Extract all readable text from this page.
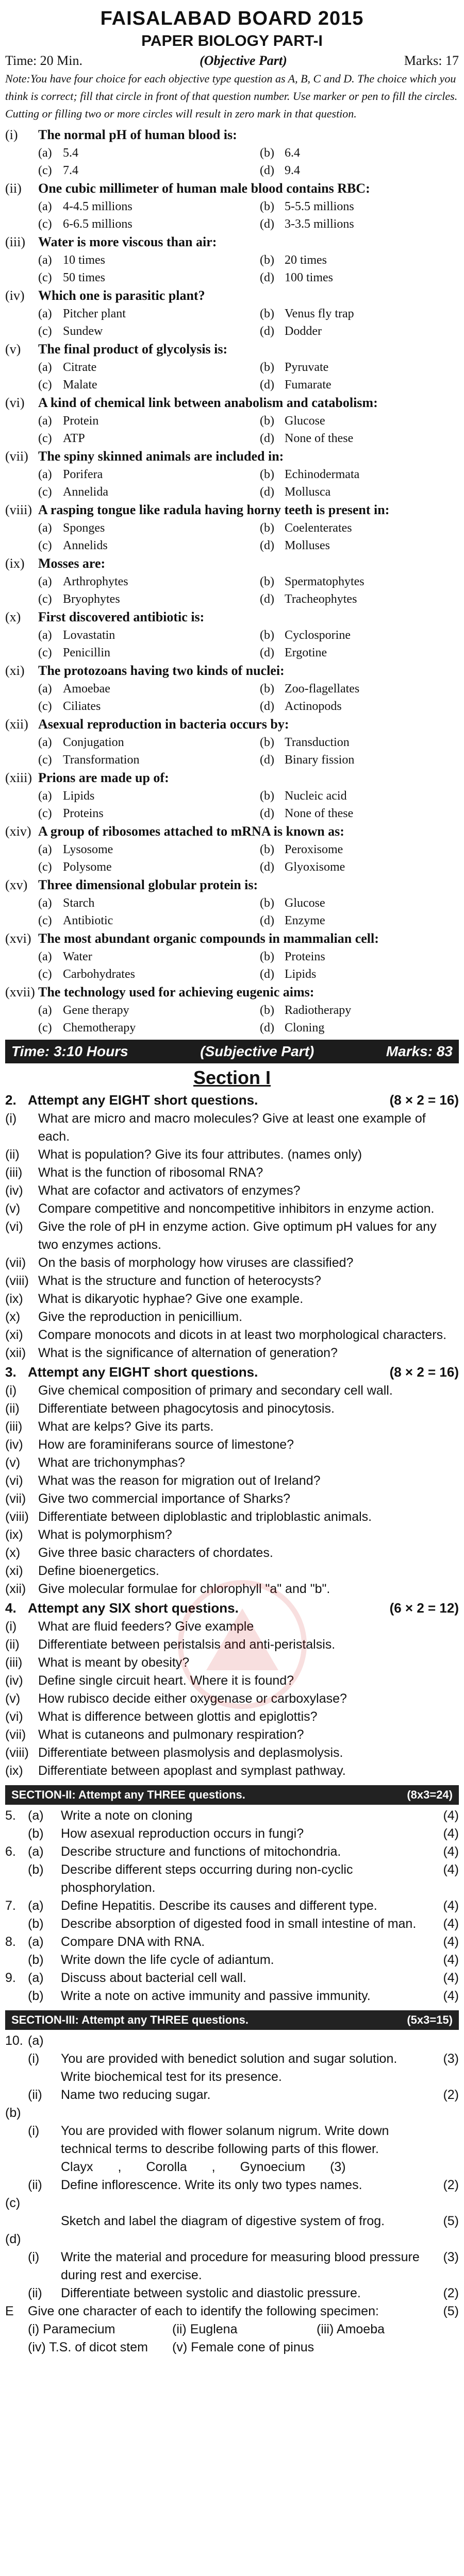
FAISALABAD BOARD 2015
PAPER BIOLOGY PART-I
Time: 20 Min.	(Objective Part)	Marks: 17
Note:You have four choice for each objective type question as A, B, C and D. The choice which you think is correct; fill that circle in front of that question number. Use marker or pen to fill the circles. Cutting or filling two or more circles will result in zero mark in that question.
(i)	The normal pH of human blood is:
(a) 5.4	(b) 6.4
(c) 7.4	(d) 9.4
(ii)	One cubic millimeter of human male blood contains RBC:
(a) 4-4.5 millions	(b) 5-5.5 millions
(c) 6-6.5 millions	(d) 3-3.5 millions
(iii) Water is more viscous than air:
(a) 10 times	(b) 20 times
(c) 50 times	(d) 100 times
(iv)	Which one is parasitic plant?
(a) Pitcher plant	(b) Venus fly trap
(c) Sundew	(d) Dodder
(v)	The final product of glycolysis is:
(a) Citrate	(b) Pyruvate
(c) Malate	(d) Fumarate
(vi)	A kind of chemical link between anabolism and catabolism:
(a) Protein	(b) Glucose
(c) ATP	(d) None of these
(vii) The spiny skinned animals are included in:
(a) Porifera	(b) Echinodermata
(c) Annelida	(d) Mollusca
(viii) A rasping tongue like radula having horny teeth is present in:
(a) Sponges	(b) Coelenterates
(c) Annelids	(d) Molluses
(ix)	Mosses are:
(a) Arthrophytes	(b) Spermatophytes
(c) Bryophytes	(d) Tracheophytes
(x)	First discovered antibiotic is:
(a) Lovastatin	(b) Cyclosporine
(c) Penicillin	(d) Ergotine
(xi)	The protozoans having two kinds of nuclei:
(a) Amoebae	(b) Zoo-flagellates
(c) Ciliates	(d) Actinopods
(xii) Asexual reproduction in bacteria occurs by:
(a) Conjugation	(b) Transduction
(c) Transformation	(d) Binary fission
(xiii) Prions are made up of:
(a) Lipids	(b) Nucleic acid
(c) Proteins	(d) None of these
(xiv) A group of ribosomes attached to mRNA is known as:
(a) Lysosome	(b) Peroxisome
(c) Polysome	(d) Glyoxisome
(xv) Three dimensional globular protein is:
(a) Starch	(b) Glucose
(c) Antibiotic	(d) Enzyme
(xvi) The most abundant organic compounds in mammalian cell:
(a) Water	(b) Proteins
(c) Carbohydrates	(d) Lipids
(xvii) The technology used for achieving eugenic aims:
(a) Gene therapy	(b) Radiotherapy
(c) Chemotherapy	(d) Cloning
Time: 3:10 Hours	(Subjective Part)	Marks: 83
Section I
2. Attempt any EIGHT short questions.	(8 × 2 = 16)
(i)	What are micro and macro molecules? Give at least one example of each.
(ii)	What is population? Give its four attributes. (names only)
(iii)	What is the function of ribosomal RNA?
(iv)	What are cofactor and activators of enzymes?
(v)	Compare competitive and noncompetitive inhibitors in enzyme action.
(vi)	Give the role of pH in enzyme action. Give optimum pH values for any two enzymes actions.
(vii) On the basis of morphology how viruses are classified?
(viii) What is the structure and function of heterocysts?
(ix)	What is dikaryotic hyphae? Give one example.
(x)	Give the reproduction in penicillium.
(xi)	Compare monocots and dicots in at least two morphological characters.
(xii) What is the significance of alternation of generation?
3. Attempt any EIGHT short questions.	(8 × 2 = 16)
(i)	Give chemical composition of primary and secondary cell wall.
(ii)	Differentiate between phagocytosis and pinocytosis.
(iii)	What are kelps? Give its parts.
(iv)	How are foraminiferans source of limestone?
(v)	What are trichonymphas?
(vi)	What was the reason for migration out of Ireland?
(vii) Give two commercial importance of Sharks?
(viii) Differentiate between diploblastic and triploblastic animals.
(ix)	What is polymorphism?
(x)	Give three basic characters of chordates.
(xi)	Define bioenergetics.
(xii) Give molecular formulae for chlorophyll "a" and "b".
4. Attempt any SIX short questions.	(6 × 2 = 12)
(i)	What are fluid feeders? Give example
(ii)	Differentiate between peristalsis and anti-peristalsis.
(iii)	What is meant by obesity?
(iv)	Define single circuit heart. Where it is found?
(v)	How rubisco decide either oxygenase or carboxylase?
(vi)	What is difference between glottis and epiglottis?
(vii) What is cutaneons and pulmonary respiration?
(viii) Differentiate between plasmolysis and deplasmolysis.
(ix)	Differentiate between apoplast and symplast pathway.
SECTION-II: Attempt any THREE questions.	(8x3=24)
5. (a)	Write a note on cloning	(4)
(b)	How asexual reproduction occurs in fungi?	(4)
6. (a)	Describe structure and functions of mitochondria.	(4)
(b)	Describe different steps occurring during non-cyclic phosphorylation.
(4)
7. (a)	Define Hepatitis. Describe its causes and different type.	(4)
(b)	Describe absorption of digested food in small intestine of man.	(4)
8. (a)	Compare DNA with RNA.	(4)
(b)	Write down the life cycle of adiantum.	(4)
9. (a)	Discuss about bacterial cell wall.	(4)
(b)	Write a note on active immunity and passive immunity.	(4)
SECTION-III: Attempt any THREE questions.	(5x3=15)
10. (a)
(i)	You are provided with benedict solution and sugar solution. Write biochemical test for its presence.
(3)
(ii)	Name two reducing sugar.	(2)
(b)
(i)	You are provided with flower solanum nigrum. Write down technical terms to describe following parts of this flower.
Clayx , Corolla , Gynoecium (3)
(ii)	Define inflorescence. Write its only two types names.	(2)
(c)
Sketch and label the diagram of digestive system of frog.	(5)
(d)
(i)	Write the material and procedure for measuring blood pressure during rest and exercise.
(3)
(ii)	Differentiate between systolic and diastolic pressure.	(2)
E	Give one character of each to identify the following specimen:	(5)
(i) Paramecium	(ii) Euglena	(iii) Amoeba
(iv) T.S. of dicot stem	(v) Female cone of pinus
